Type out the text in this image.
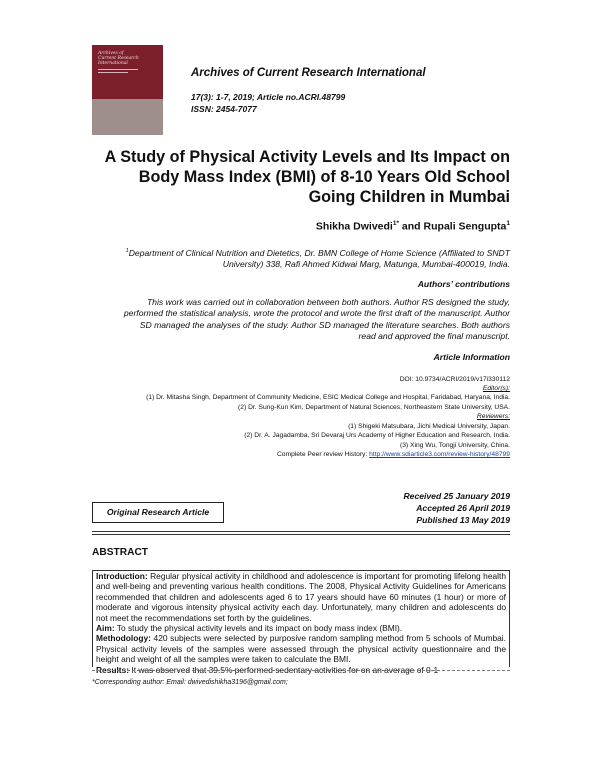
Archives of
Current Research
International
Archives of Current Research International
17(3): 1-7, 2019; Article no.ACRI.48799
ISSN: 2454-7077
A Study of Physical Activity Levels and Its Impact on
Body Mass Index (BMI) of 8-10 Years Old School
Going Children in Mumbai
Shikha Dwivedi$^{1*}$ and Rupali Sengupta$^1$
$^1$Department of Clinical Nutrition and Dietetics, Dr. BMN College of Home Science (Affiliated to SNDT
University) 338, Rafi Ahmed Kidwai Marg, Matunga, Mumbai-400019, India.
Authors’ contributions
This work was carried out in collaboration between both authors. Author RS designed the study,
performed the statistical analysis, wrote the protocol and wrote the first draft of the manuscript. Author
SD managed the analyses of the study. Author SD managed the literature searches. Both authors
read and approved the final manuscript.
Article Information
DOI: 10.9734/ACRI/2019/v17i330112
Editor(s):
(1) Dr. Mitasha Singh, Department of Community Medicine, ESIC Medical College and Hospital, Faridabad, Haryana, India.
(2) Dr. Sung-Kun Kim, Department of Natural Sciences, Northeastern State University, USA.
Reviewers:
(1) Shigeki Matsubara, Jichi Medical University, Japan.
(2) Dr. A. Jagadamba, Sri Devaraj Urs Academy of Higher Education and Research, India.
(3) Xing Wu, Tongji University, China.
Complete Peer review History: http://www.sdiarticle3.com/review-history/48799
Received 25 January 2019
Accepted 26 April 2019
Published 13 May 2019
Original Research Article
ABSTRACT

Introduction: Regular physical activity in childhood and adolescence is important for promoting lifelong health and well-being and preventing various health conditions. The 2008, Physical Activity Guidelines for Americans recommended that children and adolescents aged 6 to 17 years should have 60 minutes (1 hour) or more of moderate and vigorous intensity physical activity each day. Unfortunately, many children and adolescents do not meet the recommendations set forth by the guidelines.

Aim: To study the physical activity levels and its impact on body mass index (BMI).

Methodology: 420 subjects were selected by purposive random sampling method from 5 schools of Mumbai. Physical activity levels of the samples were assessed through the physical activity questionnaire and the height and weight of all the samples were taken to calculate the BMI.

Results: It was observed that 39.5% performed sedentary activities for on an average of 0-1

*Corresponding author: Email: dwivedishikha3196@gmail.com;
